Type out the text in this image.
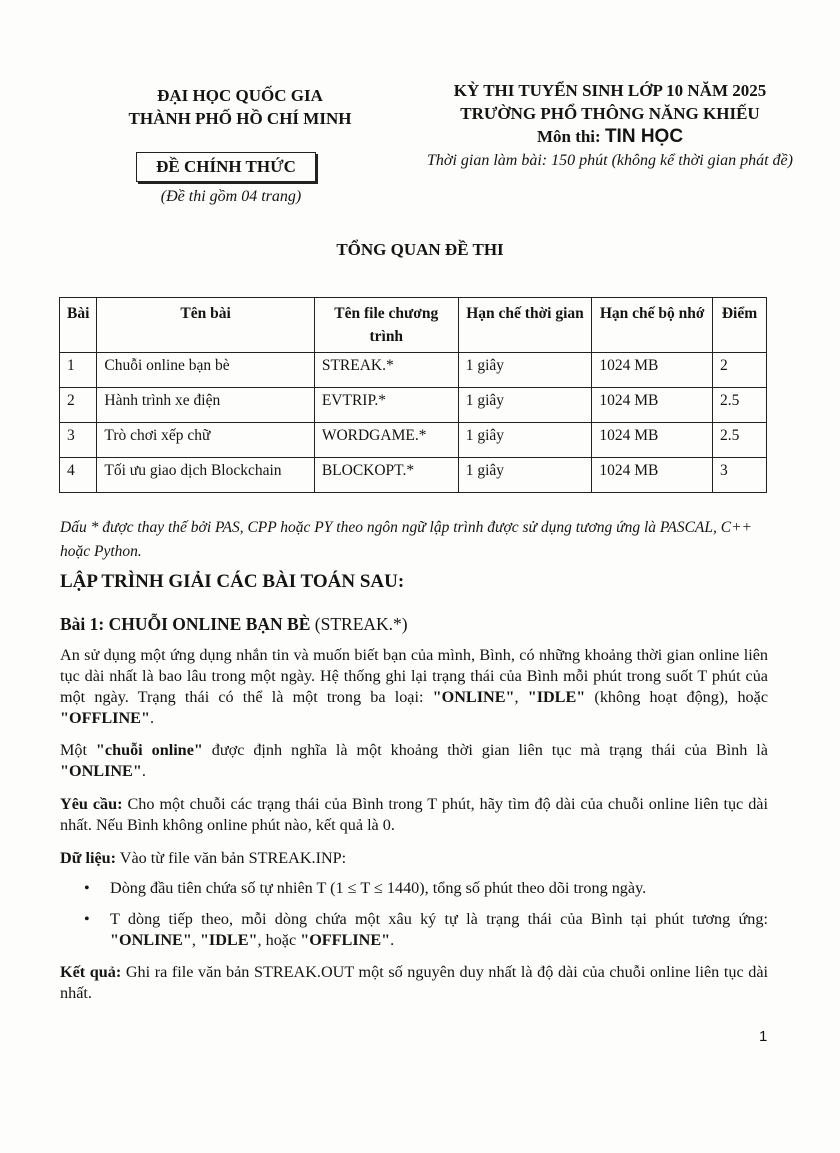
ĐẠI HỌC QUỐC GIA
THÀNH PHỐ HỒ CHÍ MINH
ĐỀ CHÍNH THỨC
(Đề thi gồm 04 trang)
KỲ THI TUYỂN SINH LỚP 10 NĂM 2025
TRƯỜNG PHỔ THÔNG NĂNG KHIẾU
Môn thi: TIN HỌC
Thời gian làm bài: 150 phút (không kể thời gian phát đề)
TỔNG QUAN ĐỀ THI
Bài	Tên bài	Tên file chương trình	Hạn chế thời gian	Hạn chế bộ nhớ	Điểm
1	Chuỗi online bạn bè	STREAK.*	1 giây	1024 MB	2
2	Hành trình xe điện	EVTRIP.*	1 giây	1024 MB	2.5
3	Trò chơi xếp chữ	WORDGAME.*	1 giây	1024 MB	2.5
4	Tối ưu giao dịch Blockchain	BLOCKOPT.*	1 giây	1024 MB	3
Dấu * được thay thế bởi PAS, CPP hoặc PY theo ngôn ngữ lập trình được sử dụng tương ứng là PASCAL, C++ hoặc Python.
LẬP TRÌNH GIẢI CÁC BÀI TOÁN SAU:
Bài 1: CHUỖI ONLINE BẠN BÈ (STREAK.*)
An sử dụng một ứng dụng nhắn tin và muốn biết bạn của mình, Bình, có những khoảng thời gian online liên tục dài nhất là bao lâu trong một ngày. Hệ thống ghi lại trạng thái của Bình mỗi phút trong suốt T phút của một ngày. Trạng thái có thể là một trong ba loại: "ONLINE", "IDLE" (không hoạt động), hoặc "OFFLINE".
Một "chuỗi online" được định nghĩa là một khoảng thời gian liên tục mà trạng thái của Bình là "ONLINE".
Yêu cầu: Cho một chuỗi các trạng thái của Bình trong T phút, hãy tìm độ dài của chuỗi online liên tục dài nhất. Nếu Bình không online phút nào, kết quả là 0.
Dữ liệu: Vào từ file văn bản STREAK.INP:
• Dòng đầu tiên chứa số tự nhiên T (1 ≤ T ≤ 1440), tổng số phút theo dõi trong ngày.
• T dòng tiếp theo, mỗi dòng chứa một xâu ký tự là trạng thái của Bình tại phút tương ứng: "ONLINE", "IDLE", hoặc "OFFLINE".
Kết quả: Ghi ra file văn bản STREAK.OUT một số nguyên duy nhất là độ dài của chuỗi online liên tục dài nhất.
1
